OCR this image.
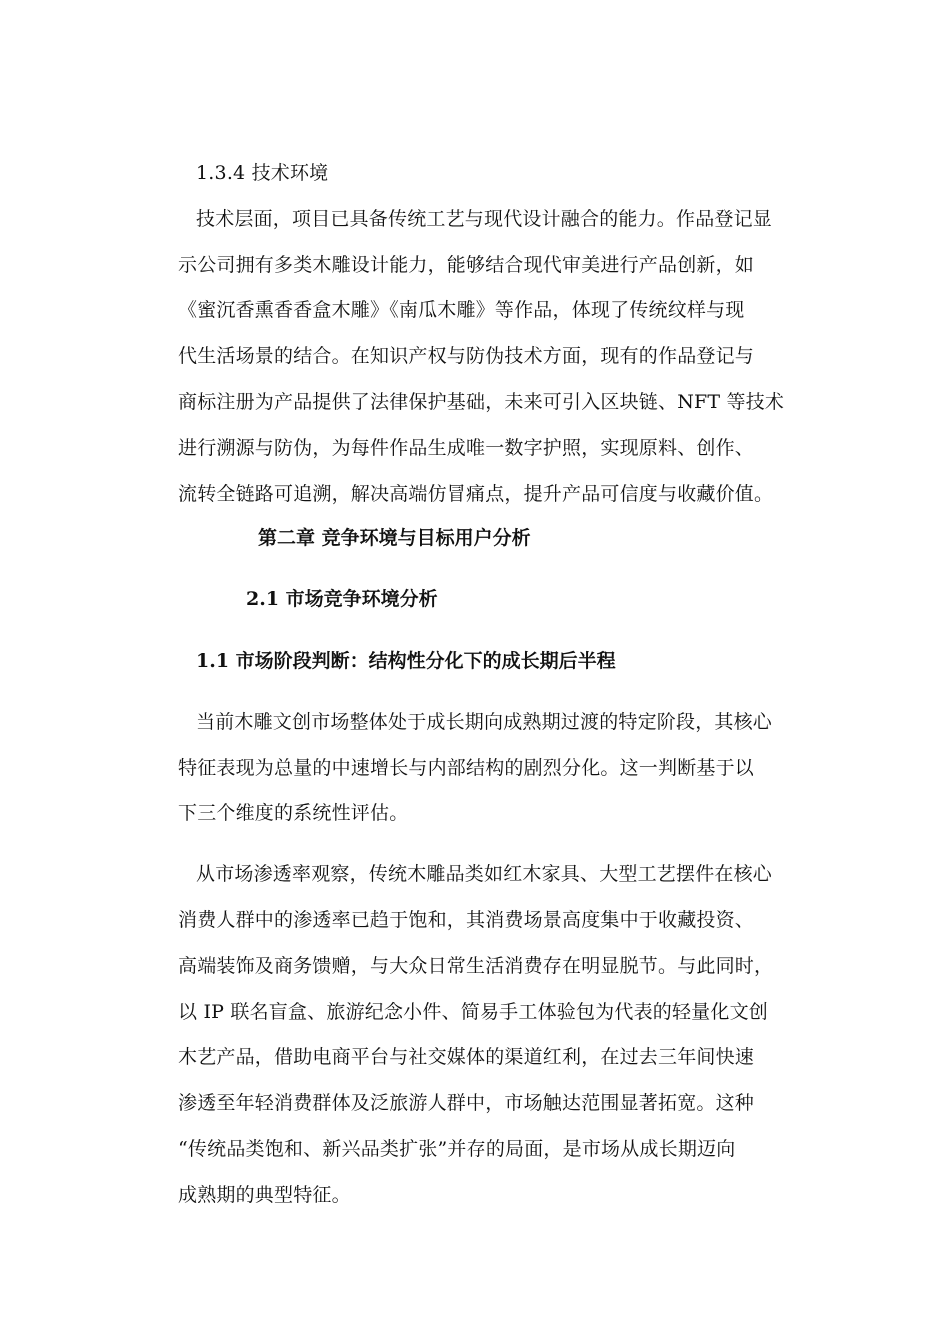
1.3.4 技术环境
技术层面，项目已具备传统工艺与现代设计融合的能力。作品登记显
示公司拥有多类木雕设计能力，能够结合现代审美进行产品创新，如
《蜜沉香熏香香盒木雕》《南瓜木雕》等作品，体现了传统纹样与现
代生活场景的结合。在知识产权与防伪技术方面，现有的作品登记与
商标注册为产品提供了法律保护基础，未来可引入区块链、NFT 等技术
进行溯源与防伪，为每件作品生成唯一数字护照，实现原料、创作、
流转全链路可追溯，解决高端仿冒痛点，提升产品可信度与收藏价值。
第二章 竞争环境与目标用户分析
2.1 市场竞争环境分析
1.1 市场阶段判断：结构性分化下的成长期后半程
当前木雕文创市场整体处于成长期向成熟期过渡的特定阶段，其核心
特征表现为总量的中速增长与内部结构的剧烈分化。这一判断基于以
下三个维度的系统性评估。
从市场渗透率观察，传统木雕品类如红木家具、大型工艺摆件在核心
消费人群中的渗透率已趋于饱和，其消费场景高度集中于收藏投资、
高端装饰及商务馈赠，与大众日常生活消费存在明显脱节。与此同时，
以 IP 联名盲盒、旅游纪念小件、简易手工体验包为代表的轻量化文创
木艺产品，借助电商平台与社交媒体的渠道红利，在过去三年间快速
渗透至年轻消费群体及泛旅游人群中，市场触达范围显著拓宽。这种
“传统品类饱和、新兴品类扩张”并存的局面，是市场从成长期迈向
成熟期的典型特征。
